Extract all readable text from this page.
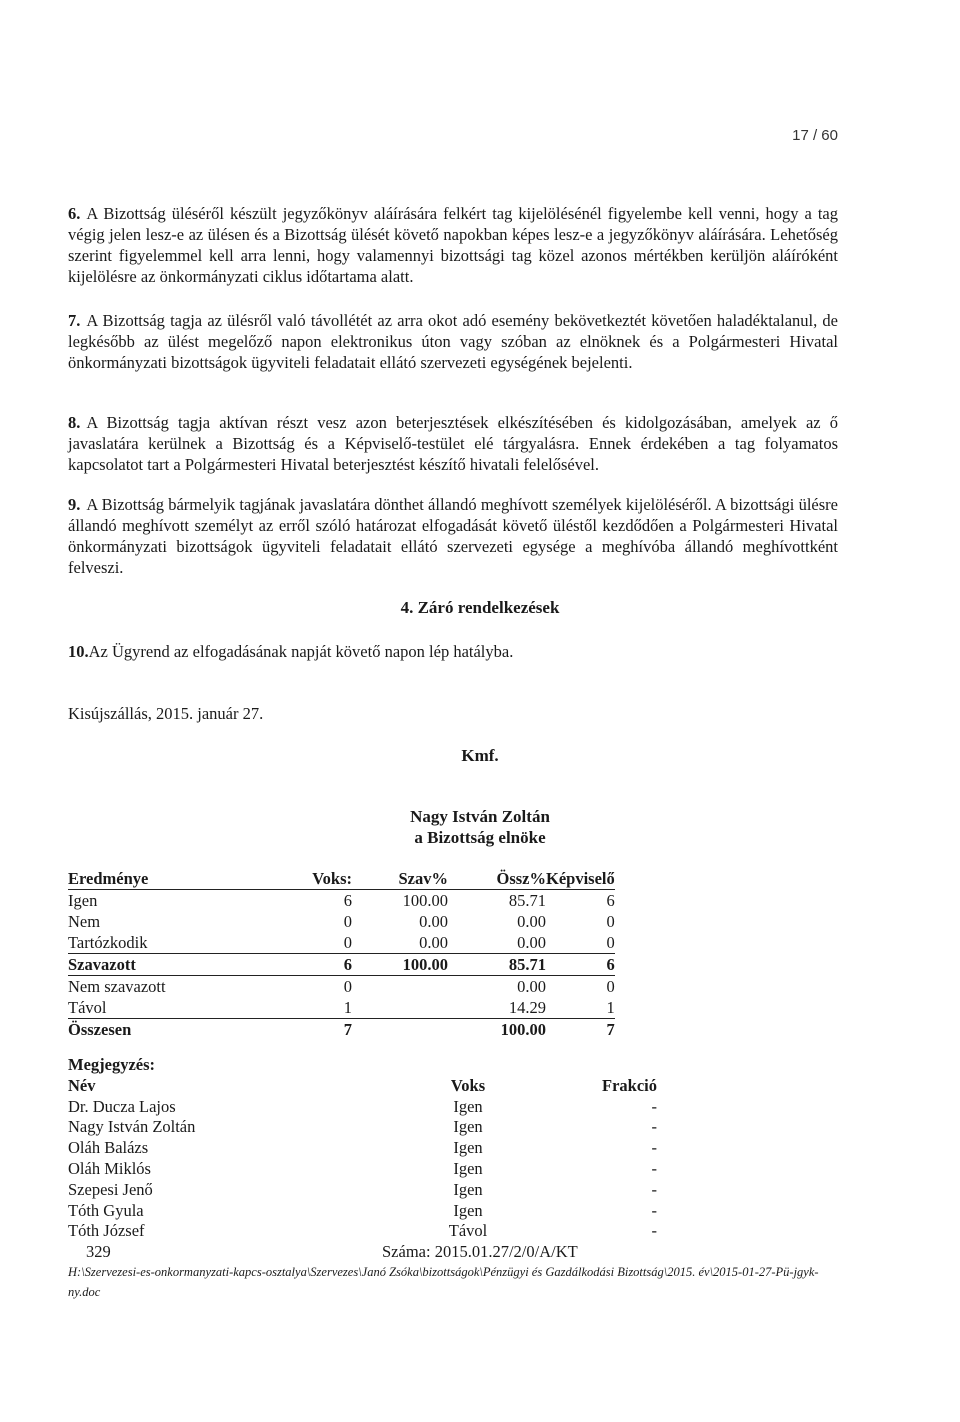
17 / 60
6. A Bizottság üléséről készült jegyzőkönyv aláírására felkért tag kijelölésénél figyelembe kell venni, hogy a tag végig jelen lesz-e az ülésen és a Bizottság ülését követő napokban képes lesz-e a jegyzőkönyv aláírására. Lehetőség szerint figyelemmel kell arra lenni, hogy valamennyi bizottsági tag közel azonos mértékben kerüljön aláíróként kijelölésre az önkormányzati ciklus időtartama alatt.
7. A Bizottság tagja az ülésről való távollétét az arra okot adó esemény bekövetkeztét követően haladéktalanul, de legkésőbb az ülést megelőző napon elektronikus úton vagy szóban az elnöknek és a Polgármesteri Hivatal önkormányzati bizottságok ügyviteli feladatait ellátó szervezeti egységének bejelenti.
8. A Bizottság tagja aktívan részt vesz azon beterjesztések elkészítésében és kidolgozásában, amelyek az ő javaslatára kerülnek a Bizottság és a Képviselő-testület elé tárgyalásra. Ennek érdekében a tag folyamatos kapcsolatot tart a Polgármesteri Hivatal beterjesztést készítő hivatali felelősével.
9. A Bizottság bármelyik tagjának javaslatára dönthet állandó meghívott személyek kijelöléséről. A bizottsági ülésre állandó meghívott személyt az erről szóló határozat elfogadását követő üléstől kezdődően a Polgármesteri Hivatal önkormányzati bizottságok ügyviteli feladatait ellátó szervezeti egysége a meghívóba állandó meghívottként felveszi.
4. Záró rendelkezések
10.Az Ügyrend az elfogadásának napját követő napon lép hatályba.
Kisújszállás, 2015. január 27.
Kmf.
Nagy István Zoltán
a Bizottság elnöke
Eredménye	Voks:	Szav%	Össz%	Képviselő
Igen	6	100.00	85.71	6
Nem	0	0.00	0.00	0
Tartózkodik	0	0.00	0.00	0
Szavazott	6	100.00	85.71	6
Nem szavazott	0		0.00	0
Távol	1		14.29	1
Összesen	7		100.00	7
Megjegyzés:
Név	Voks	Frakció
Dr. Ducza Lajos	Igen	-
Nagy István Zoltán	Igen	-
Oláh Balázs	Igen	-
Oláh Miklós	Igen	-
Szepesi Jenő	Igen	-
Tóth Gyula	Igen	-
Tóth József	Távol	-
329	Száma: 2015.01.27/2/0/A/KT
H:\Szervezesi-es-onkormanyzati-kapcs-osztalya\Szervezes\Janó Zsóka\bizottságok\Pénzügyi és Gazdálkodási Bizottság\2015. év\2015-01-27-Pü-jgyk-ny.doc
